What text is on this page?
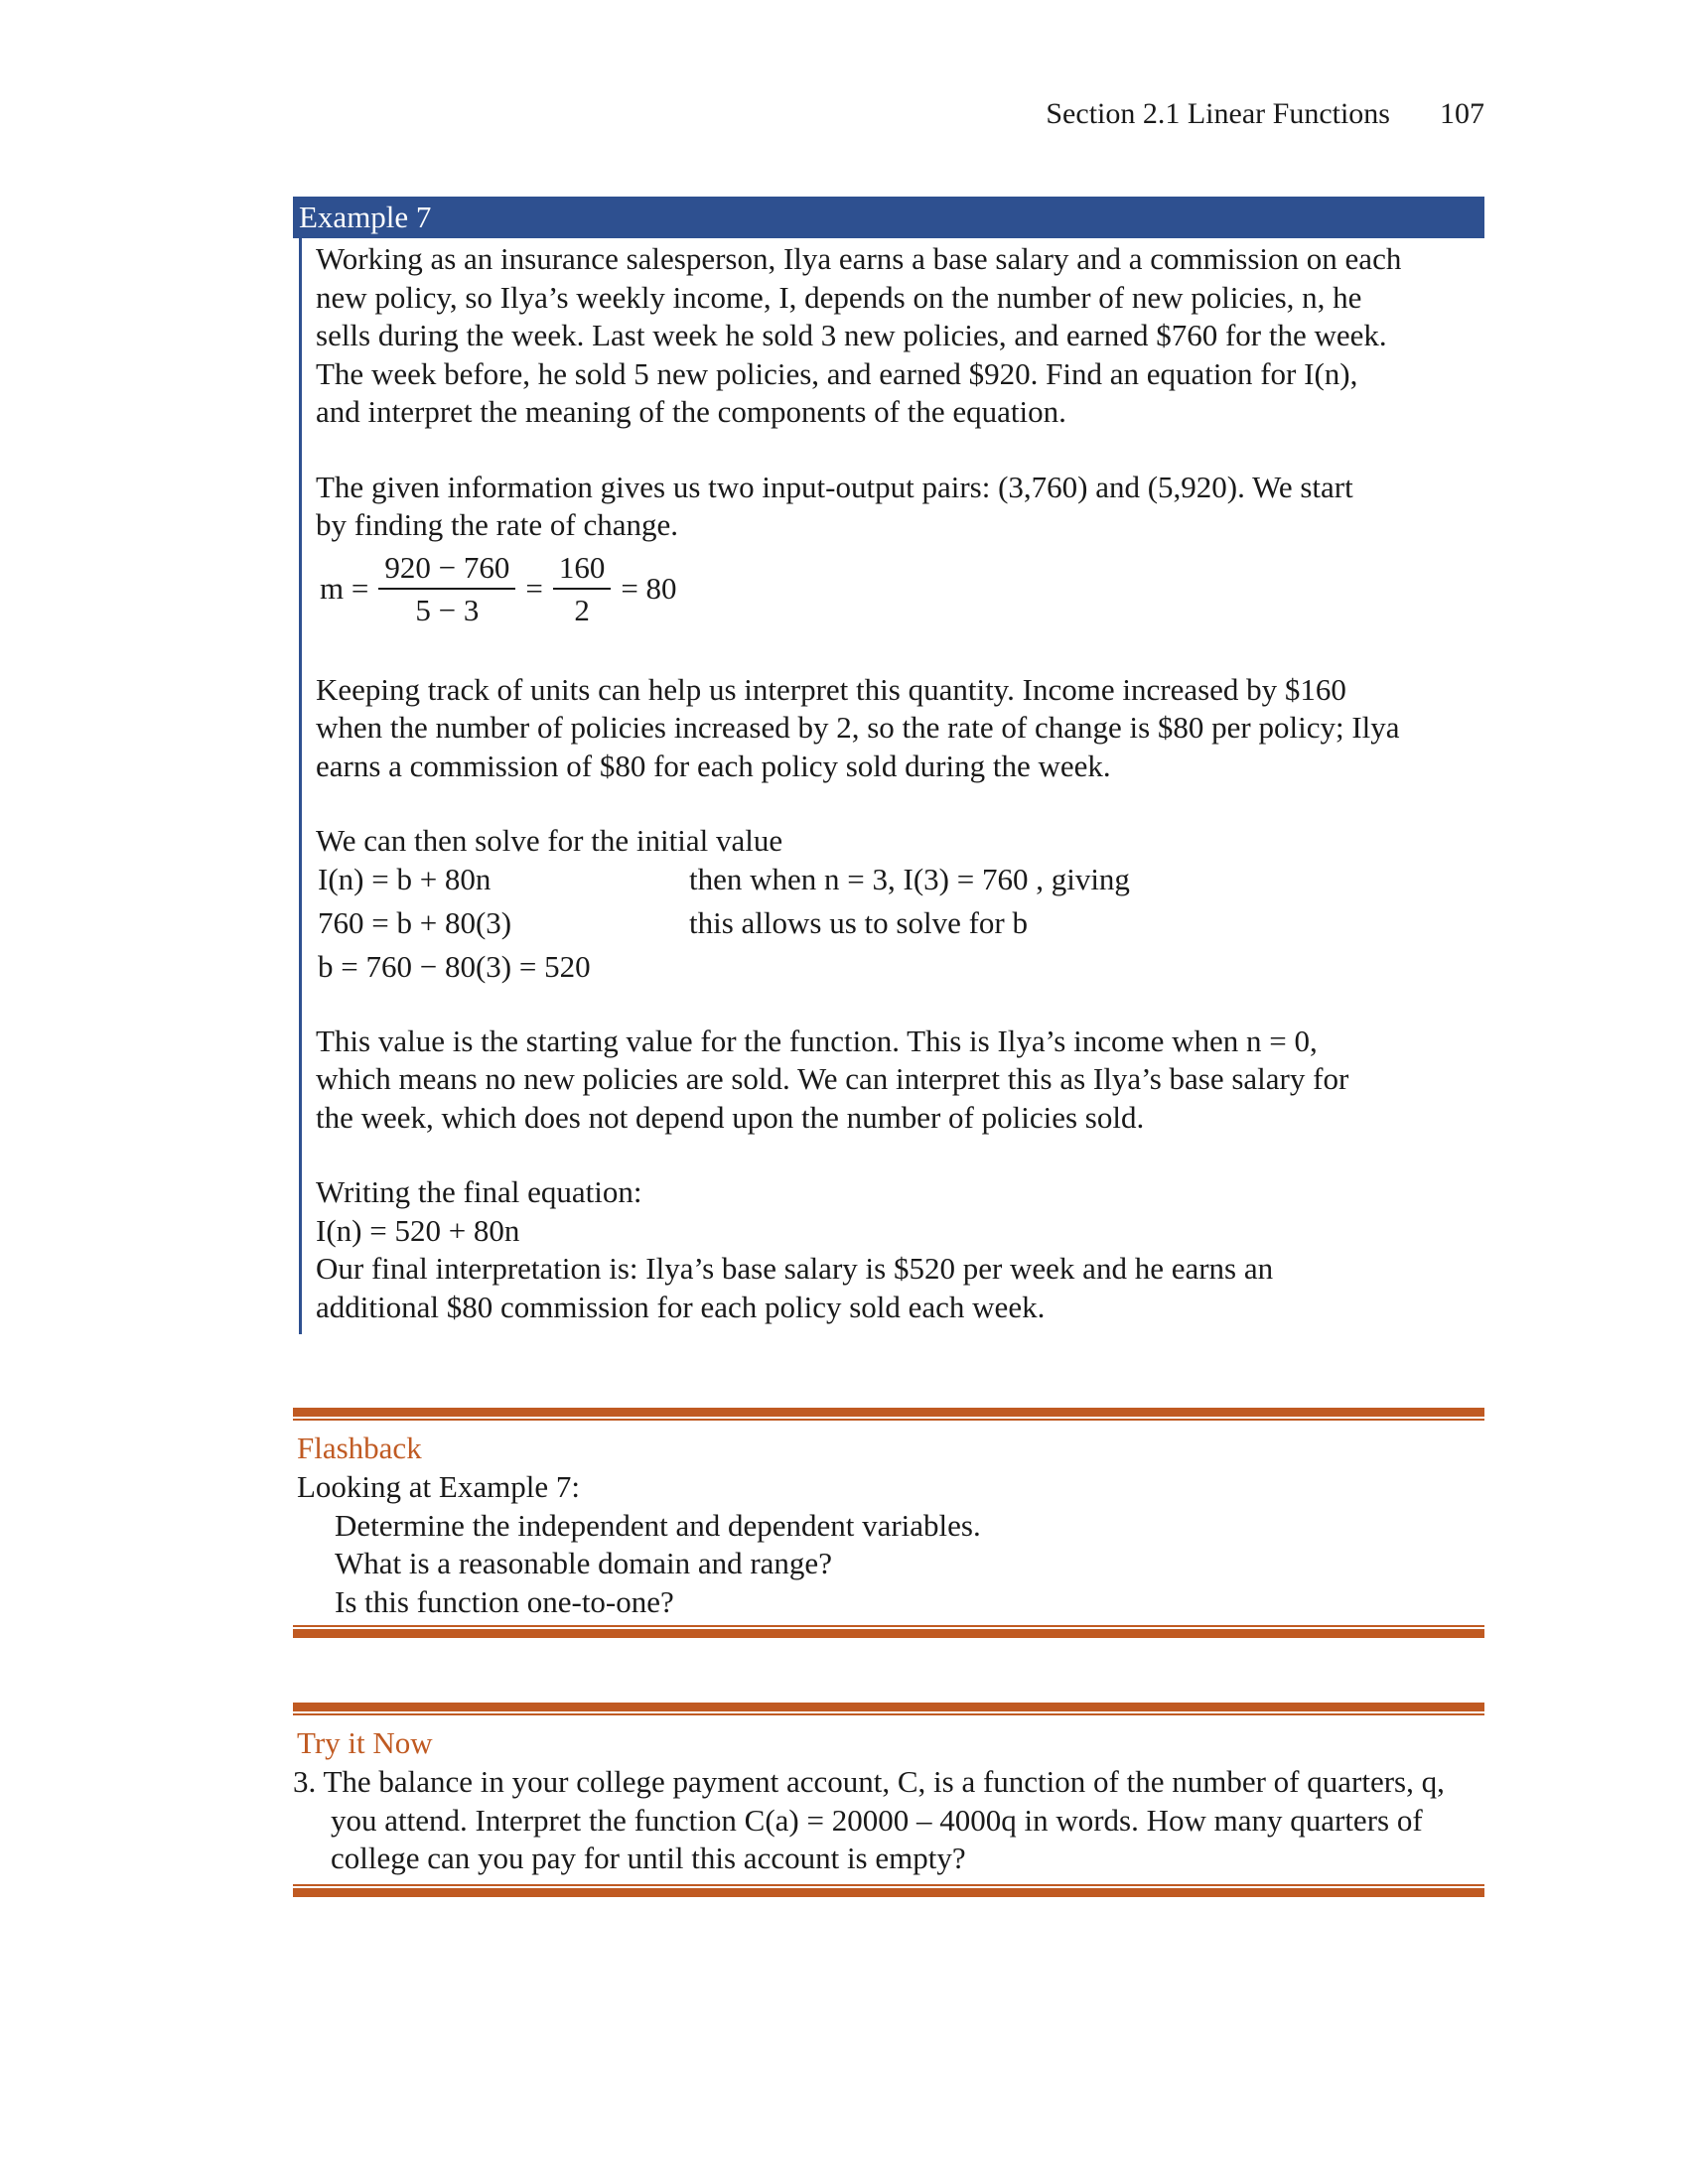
Section 2.1 Linear Functions 107
Example 7
Working as an insurance salesperson, Ilya earns a base salary and a commission on each
new policy, so Ilya’s weekly income, I, depends on the number of new policies, n, he
sells during the week. Last week he sold 3 new policies, and earned $760 for the week.
The week before, he sold 5 new policies, and earned $920. Find an equation for I(n),
and interpret the meaning of the components of the equation.
The given information gives us two input-output pairs: (3,760) and (5,920). We start
by finding the rate of change.
$m = \frac{920 - 760}{5 - 3} = \frac{160}{2} = 80$
Keeping track of units can help us interpret this quantity. Income increased by $160
when the number of policies increased by 2, so the rate of change is $80 per policy; Ilya
earns a commission of $80 for each policy sold during the week.
We can then solve for the initial value
I(n) = b + 80n	then when n = 3, I(3) = 760 , giving
760 = b + 80(3)	this allows us to solve for b
b = 760 − 80(3) = 520
This value is the starting value for the function. This is Ilya’s income when n = 0,
which means no new policies are sold. We can interpret this as Ilya’s base salary for
the week, which does not depend upon the number of policies sold.
Writing the final equation:
I(n) = 520 + 80n
Our final interpretation is: Ilya’s base salary is $520 per week and he earns an
additional $80 commission for each policy sold each week.
Flashback
Looking at Example 7:
Determine the independent and dependent variables.
What is a reasonable domain and range?
Is this function one-to-one?
Try it Now
3. The balance in your college payment account, C, is a function of the number of quarters, q, you attend. Interpret the function C(a) = 20000 – 4000q in words. How many quarters of college can you pay for until this account is empty?
